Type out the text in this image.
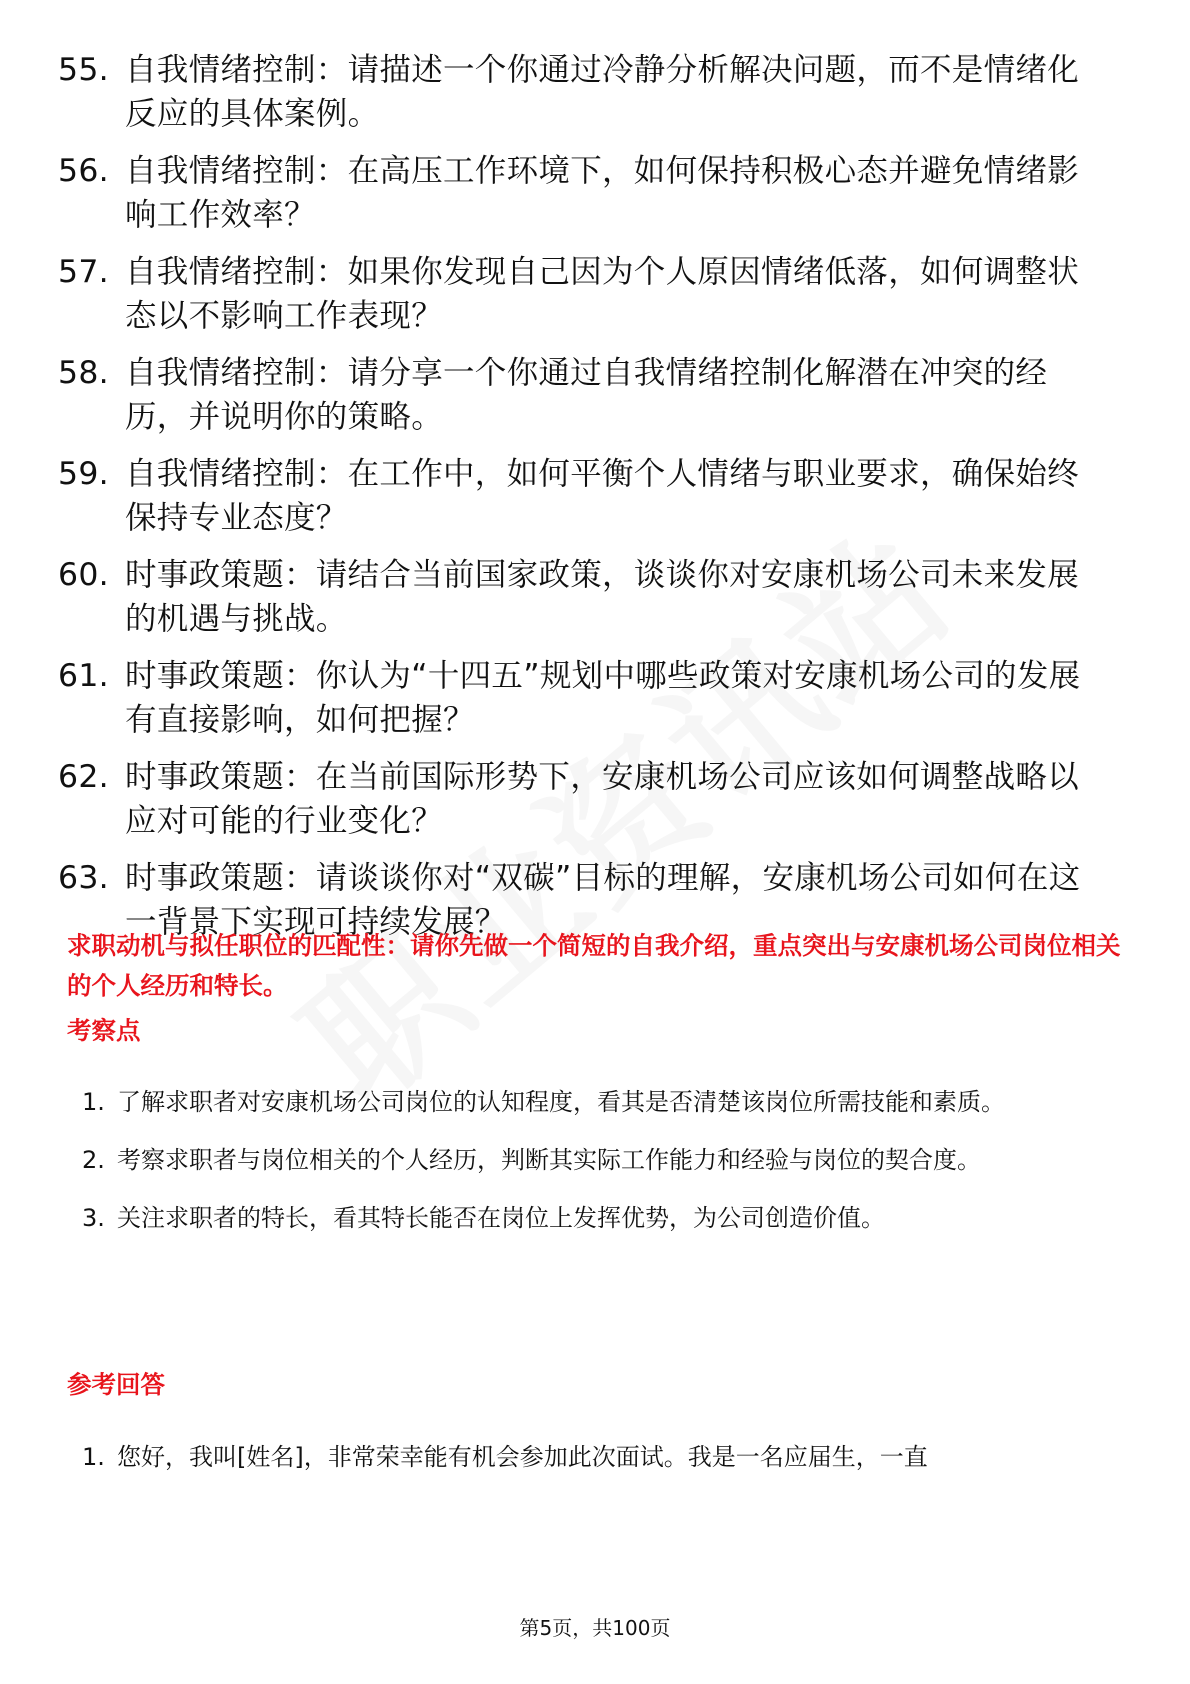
55. 自我情绪控制：请描述一个你通过冷静分析解决问题，而不是情绪化反应的具体案例。
56. 自我情绪控制：在高压工作环境下，如何保持积极心态并避免情绪影响工作效率？
57. 自我情绪控制：如果你发现自己因为个人原因情绪低落，如何调整状态以不影响工作表现？
58. 自我情绪控制：请分享一个你通过自我情绪控制化解潜在冲突的经历，并说明你的策略。
59. 自我情绪控制：在工作中，如何平衡个人情绪与职业要求，确保始终保持专业态度？
60. 时事政策题：请结合当前国家政策，谈谈你对安康机场公司未来发展的机遇与挑战。
61. 时事政策题：你认为“十四五”规划中哪些政策对安康机场公司的发展有直接影响，如何把握？
62. 时事政策题：在当前国际形势下，安康机场公司应该如何调整战略以应对可能的行业变化？
63. 时事政策题：请谈谈你对“双碳”目标的理解，安康机场公司如何在这一背景下实现可持续发展？
求职动机与拟任职位的匹配性：请你先做一个简短的自我介绍，重点突出与安康机场公司岗位相关的个人经历和特长。
考察点
1. 了解求职者对安康机场公司岗位的认知程度，看其是否清楚该岗位所需技能和素质。
2. 考察求职者与岗位相关的个人经历，判断其实际工作能力和经验与岗位的契合度。
3. 关注求职者的特长，看其特长能否在岗位上发挥优势，为公司创造价值。
参考回答
1. 您好，我叫[姓名]，非常荣幸能有机会参加此次面试。我是一名应届生，一直
第5页，共100页
